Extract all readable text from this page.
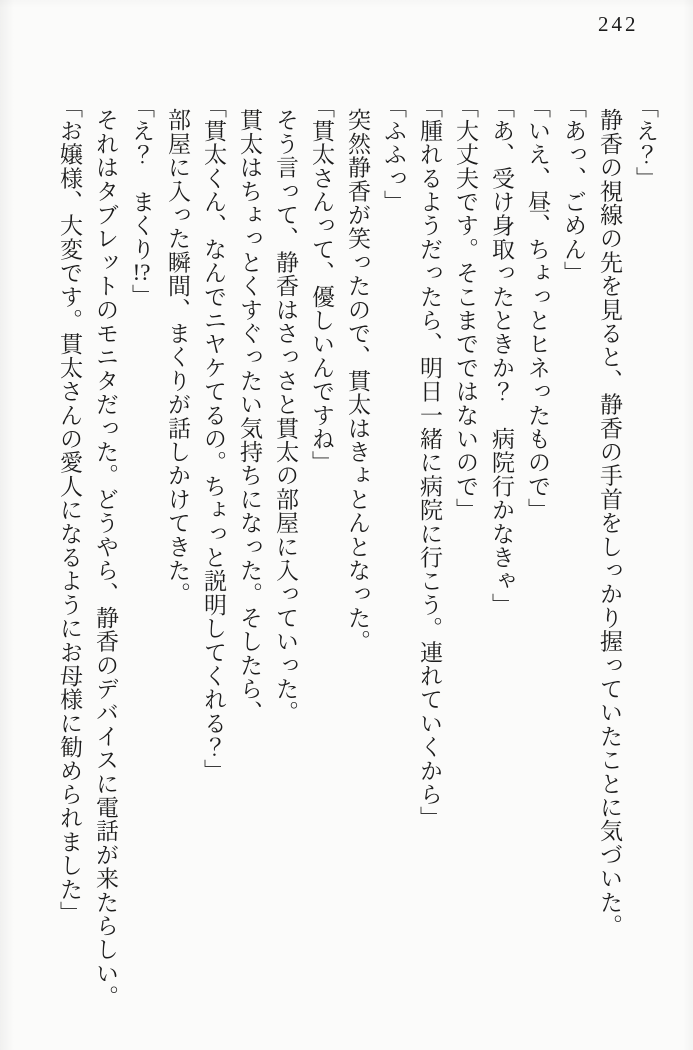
242

「え？」

静香の視線の先を見ると、静香の手首をしっかり握っていたことに気づいた。

「あっ、ごめん」

「いえ、昼、ちょっとヒネったもので」

「あ、受け身取ったときか？　病院行かなきゃ」

「大丈夫です。そこまでではないので」

「腫れるようだったら、明日一緒に病院に行こう。連れていくから」

「ふふっ」

突然静香が笑ったので、貫太はきょとんとなった。

「貫太さんって、優しいんですね」

そう言って、静香はさっさと貫太の部屋に入っていった。

貫太はちょっとくすぐったい気持ちになった。そしたら、

「貫太くん、なんでニヤケてるの。ちょっと説明してくれる？」

部屋に入った瞬間、まくりが話しかけてきた。

「え？　まくり!?」

それはタブレットのモニタだった。どうやら、静香のデバイスに電話が来たらしい。

「お嬢様、大変です。貫太さんの愛人になるようにお母様に勧められました」
